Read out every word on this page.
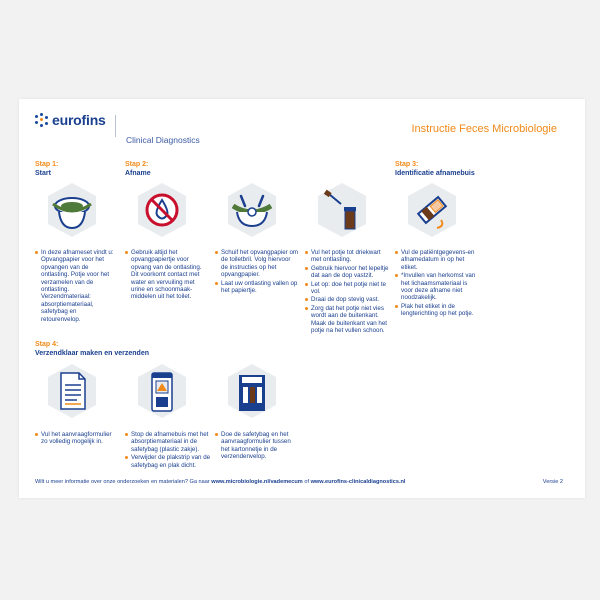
eurofins
Clinical Diagnostics
Instructie Feces Microbiologie
Stap 1:
Start
Stap 2:
Afname
Stap 3:
Identificatie afnamebuis
In deze afnameset vindt u: Opvangpapier voor het opvangen van de ontlasting. Potje voor het verzamelen van de ontlasting. Verzendmateriaal: absorptiemateriaal, safetybag en retourenvelop.
Gebruik altijd het opvangpapiertje voor opvang van de ontlasting. Dit voorkomt contact met water en vervuiling met urine en schoonmaak-middelen uit het toilet.
Schuif het opvangpapier om de toiletbril. Volg hiervoor de instructies op het opvangpapier.
Laat uw ontlasting vallen op het papiertje.
Vul het potje tot driekwart met ontlasting.
Gebruik hiervoor het lepeltje dat aan de dop vastzit.
Let op: doe het potje niet te vol.
Draai de dop stevig vast.
Zorg dat het potje niet vies wordt aan de buitenkant. Maak de buitenkant van het potje na het vullen schoon.
Vul de patiëntgegevens-en afnamedatum in op het etiket.
*Invullen van herkomst van het lichaamsmateriaal is voor deze afname niet noodzakelijk.
Plak het etiket in de lengterichting op het potje.
Stap 4:
Verzendklaar maken en verzenden
Vul het aanvraagformulier zo volledig mogelijk in.
Stop de afnamebuis met het absorptiemateriaal in de safetybag (plastic zakje).
Verwijder de plakstrip van de safetybag en plak dicht.
Doe de safetybag en het aanvraagformulier tussen het kartonnetje in de verzendenvelop.
Wilt u meer informatie over onze onderzoeken en materialen? Ga naar www.microbiologie.nl/vademecum of www.eurofins-clinicaldiagnostics.nl	Versie 2
